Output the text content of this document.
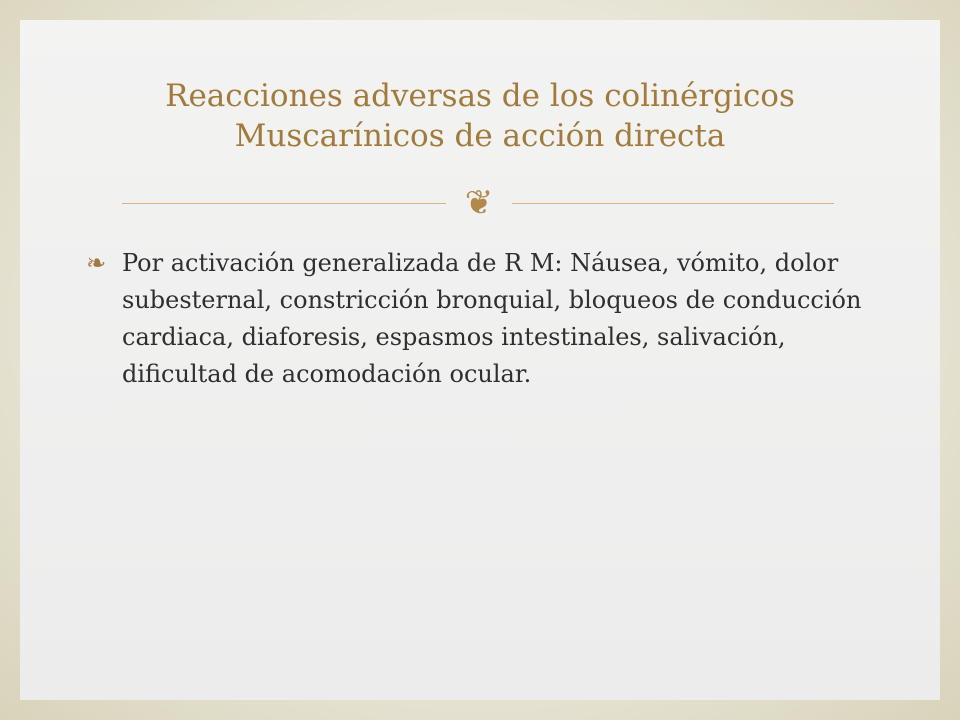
Reacciones adversas de los colinérgicos
Muscarínicos de acción directa
❦
❧ Por activación generalizada de R M: Náusea, vómito, dolor subesternal, constricción bronquial, bloqueos de conducción cardiaca, diaforesis, espasmos intestinales, salivación, dificultad de acomodación ocular.
